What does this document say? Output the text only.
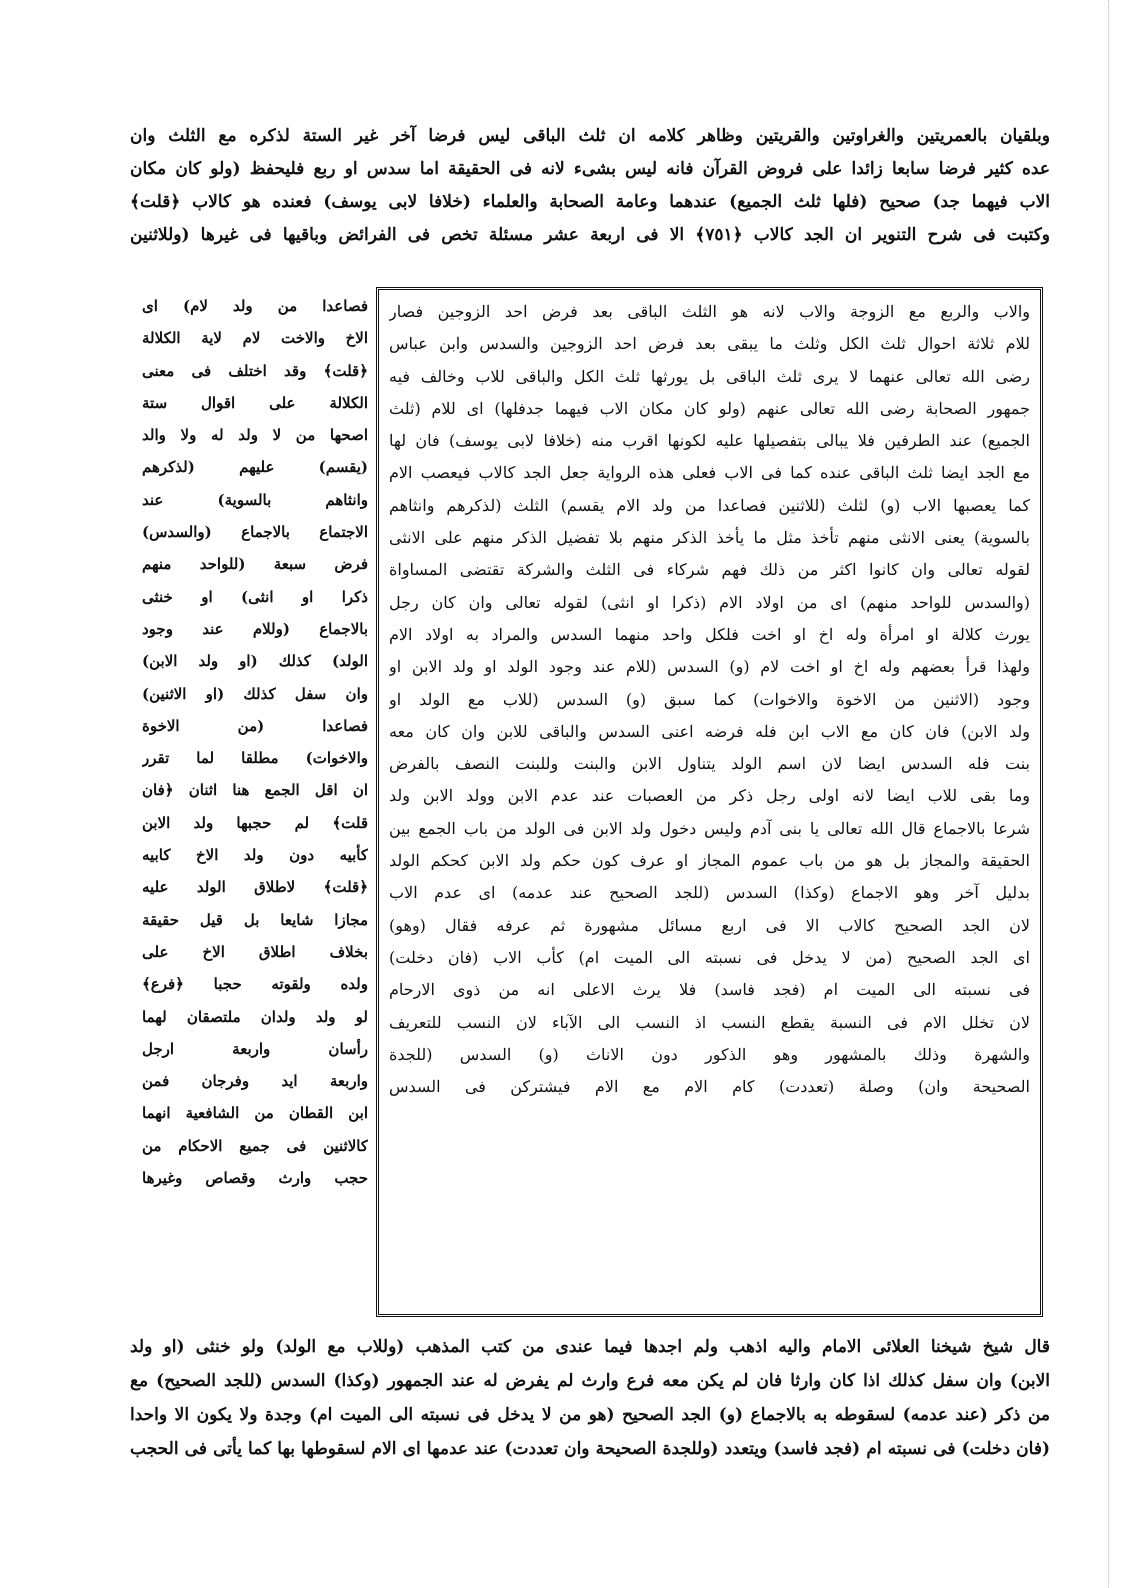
وبلقيان بالعمريتين والغراوتين والقريتين وظاهر كلامه ان ثلث الباقى ليس فرضا آخر غير الستة لذكره مع الثلث وان
عده كثير فرضا سابعا زائدا على فروض القرآن فانه ليس بشىء لانه فى الحقيقة اما سدس او ربع فليحفظ (ولو كان مكان
الاب فيهما جد) صحيح (فلها ثلث الجميع) عندهما وعامة الصحابة والعلماء (خلافا لابى يوسف) فعنده هو كالاب ﴿قلت﴾
وكتبت فى شرح التنوير ان الجد كالاب ﴿٧٥١﴾ الا فى اربعة عشر مسئلة تخص فى الفرائض وباقيها فى غيرها (وللاثنين
والاب والربع مع الزوجة والاب لانه هو الثلث الباقى بعد فرض احد الزوجين فصار
للام ثلاثة احوال ثلث الكل وثلث ما يبقى بعد فرض احد الزوجين والسدس وابن عباس
رضى الله تعالى عنهما لا يرى ثلث الباقى بل يورثها ثلث الكل والباقى للاب وخالف فيه
جمهور الصحابة رضى الله تعالى عنهم (ولو كان مكان الاب فيهما جدفلها) اى للام (ثلث
الجميع) عند الطرفين فلا يبالى بتفصيلها عليه لكونها اقرب منه (خلافا لابى يوسف) فان لها
مع الجد ايضا ثلث الباقى عنده كما فى الاب فعلى هذه الرواية جعل الجد كالاب فيعصب الام
كما يعصبها الاب (و) لثلث (للاثنين فصاعدا من ولد الام يقسم) الثلث (لذكرهم وانثاهم
بالسوية) يعنى الانثى منهم تأخذ مثل ما يأخذ الذكر منهم بلا تفضيل الذكر منهم على الانثى
لقوله تعالى وان كانوا اكثر من ذلك فهم شركاء فى الثلث والشركة تقتضى المساواة
(والسدس للواحد منهم) اى من اولاد الام (ذكرا او انثى) لقوله تعالى وان كان رجل
يورث كلالة او امرأة وله اخ او اخت فلكل واحد منهما السدس والمراد به اولاد الام
ولهذا قرأ بعضهم وله اخ او اخت لام (و) السدس (للام عند وجود الولد او ولد الابن او
وجود (الاثنين من الاخوة والاخوات) كما سبق (و) السدس (للاب مع الولد او
ولد الابن) فان كان مع الاب ابن فله فرضه اعنى السدس والباقى للابن وان كان معه
بنت فله السدس ايضا لان اسم الولد يتناول الابن والبنت وللبنت النصف بالفرض
وما بقى للاب ايضا لانه اولى رجل ذكر من العصبات عند عدم الابن وولد الابن ولد
شرعا بالاجماع قال الله تعالى يا بنى آدم وليس دخول ولد الابن فى الولد من باب الجمع بين
الحقيقة والمجاز بل هو من باب عموم المجاز او عرف كون حكم ولد الابن كحكم الولد
بدليل آخر وهو الاجماع (وكذا) السدس (للجد الصحيح عند عدمه) اى عدم الاب
لان الجد الصحيح كالاب الا فى اربع مسائل مشهورة ثم عرفه فقال (وهو)
اى الجد الصحيح (من لا يدخل فى نسبته الى الميت ام) كأب الاب (فان دخلت)
فى نسبته الى الميت ام (فجد فاسد) فلا يرث الاعلى انه من ذوى الارحام
لان تخلل الام فى النسبة يقطع النسب اذ النسب الى الآباء لان النسب للتعريف
والشهرة وذلك بالمشهور وهو الذكور دون الاناث (و) السدس (للجدة
الصحيحة وان) وصلة (تعددت) كام الام مع الام فيشتركن فى السدس
فصاعدا من ولد لام) اى
الاخ والاخت لام لاية الكلالة
﴿قلت﴾ وقد اختلف فى معنى
الكلالة على اقوال ستة
اصحها من لا ولد له ولا والد
(يقسم) عليهم (لذكرهم
وانثاهم بالسوية) عند
الاجتماع بالاجماع (والسدس)
فرض سبعة (للواحد منهم
ذكرا او انثى) او خنثى
بالاجماع (وللام عند وجود
الولد) كذلك (او ولد الابن)
وان سفل كذلك (او الاثنين)
فصاعدا (من الاخوة
والاخوات) مطلقا لما تقرر
ان اقل الجمع هنا اثنان ﴿فان
قلت﴾ لم حجبها ولد الابن
كأبيه دون ولد الاخ كابيه
﴿قلت﴾ لاطلاق الولد عليه
مجازا شايعا بل قيل حقيقة
بخلاف اطلاق الاخ على
ولده ولقوته حجبا ﴿فرع﴾
لو ولد ولدان ملتصقان لهما
رأسان واربعة ارجل
واربعة ايد وفرجان فمن
ابن القطان من الشافعية انهما
كالاثنين فى جميع الاحكام من
حجب وارث وقصاص وغيرها
قال شيخ شيخنا العلائى الامام واليه اذهب ولم اجدها فيما عندى من كتب المذهب (وللاب مع الولد) ولو خنثى (او ولد
الابن) وان سفل كذلك اذا كان وارثا فان لم يكن معه فرع وارث لم يفرض له عند الجمهور (وكذا) السدس (للجد الصحيح) مع
من ذكر (عند عدمه) لسقوطه به بالاجماع (و) الجد الصحيح (هو من لا يدخل فى نسبته الى الميت ام) وجدة ولا يكون الا واحدا
(فان دخلت) فى نسبته ام (فجد فاسد) ويتعدد (وللجدة الصحيحة وان تعددت) عند عدمها اى الام لسقوطها بها كما يأتى فى الحجب
